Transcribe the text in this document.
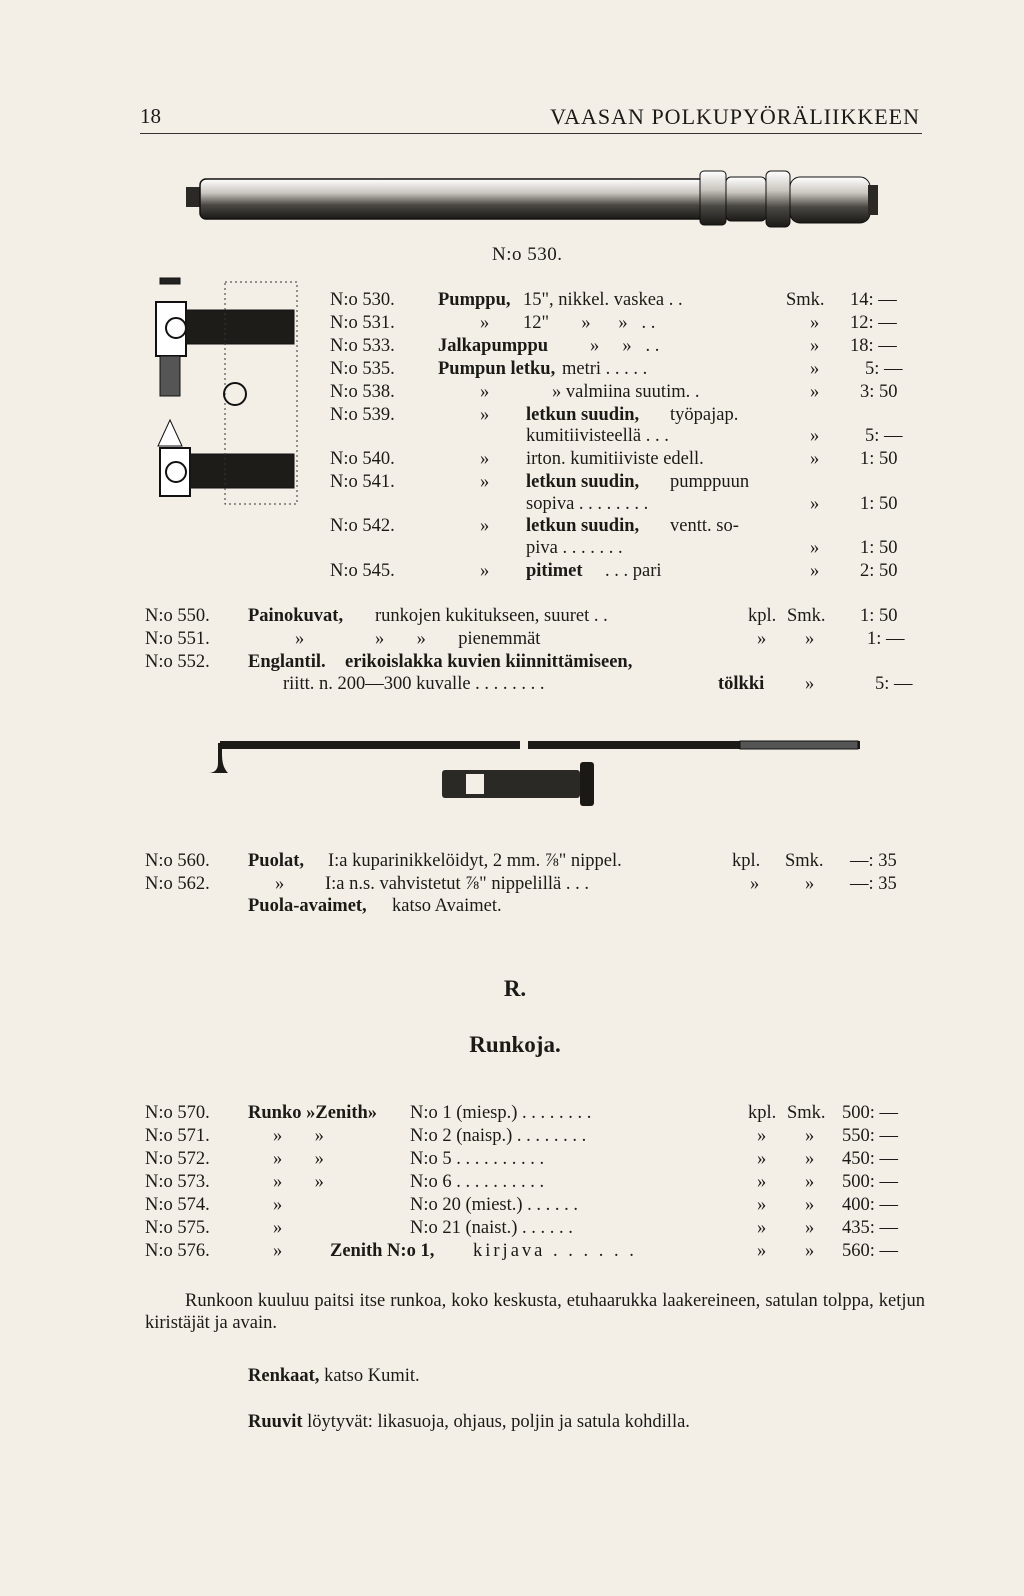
18	VAASAN POLKUPYÖRÄLIIKKEEN
N:o 530.
N:o 530. Pumppu, 15", nikkel. vaskea . .	Smk. 14: —
N:o 531.	» 12"       »      »   . .	» 12: —
N:o 533. Jalkapumppu »     »   . .	» 18: —
N:o 535. Pumpun letku, metri . . . . .	» 5: —
N:o 538.	»	» valmiina suutim. .	» 3: 50
N:o 539.	» letkun suudin, työpajap.
kumitiivisteellä . . .	» 5: —
N:o 540.	» irton. kumitiiviste edell.	» 1: 50
N:o 541.	» letkun suudin, pumppuun
sopiva . . . . . . . .	» 1: 50
N:o 542.	» letkun suudin, ventt. so-
piva . . . . . . .	» 1: 50
N:o 545.	» pitimet . . . pari	» 2: 50
N:o 550. Painokuvat, runkojen kukitukseen, suuret . .	kpl. Smk. 1: 50
N:o 551.	»	»       »       pienemmät	» »	1: —
N:o 552. Englantil. erikoislakka kuvien kiinnittämiseen,
riitt. n. 200—300 kuvalle . . . . . . . .	tölkki »	5: —
N:o 560. Puolat, I:a kuparinikkelöidyt, 2 mm. ⅞" nippel.	kpl. Smk. —: 35
N:o 562.	» I:a n.s. vahvistetut ⅞" nippelillä . . .	» » —: 35
Puola-avaimet, katso Avaimet.
R.
Runkoja.
N:o 570. Runko »Zenith» N:o 1 (miesp.) . . . . . . . .	kpl. Smk. 500: —
N:o 571.	»       »	N:o 2 (naisp.) . . . . . . . .	» » 550: —
N:o 572.	»       »	N:o 5 . . . . . . . . . .	» » 450: —
N:o 573.	»       »	N:o 6 . . . . . . . . . .	» » 500: —
N:o 574.	»	N:o 20 (miest.) . . . . . .	» » 400: —
N:o 575.	»	N:o 21 (naist.) . . . . . .	» » 435: —
N:o 576.	»	Zenith N:o 1, kirjava . . . . . .	» » 560: —
Runkoon kuuluu paitsi itse runkoa, koko keskusta, etuhaarukka laakereineen, satulan tolppa, ketjun kiristäjät ja avain.
Renkaat, katso Kumit.
Ruuvit löytyvät: likasuoja, ohjaus, poljin ja satula kohdilla.
